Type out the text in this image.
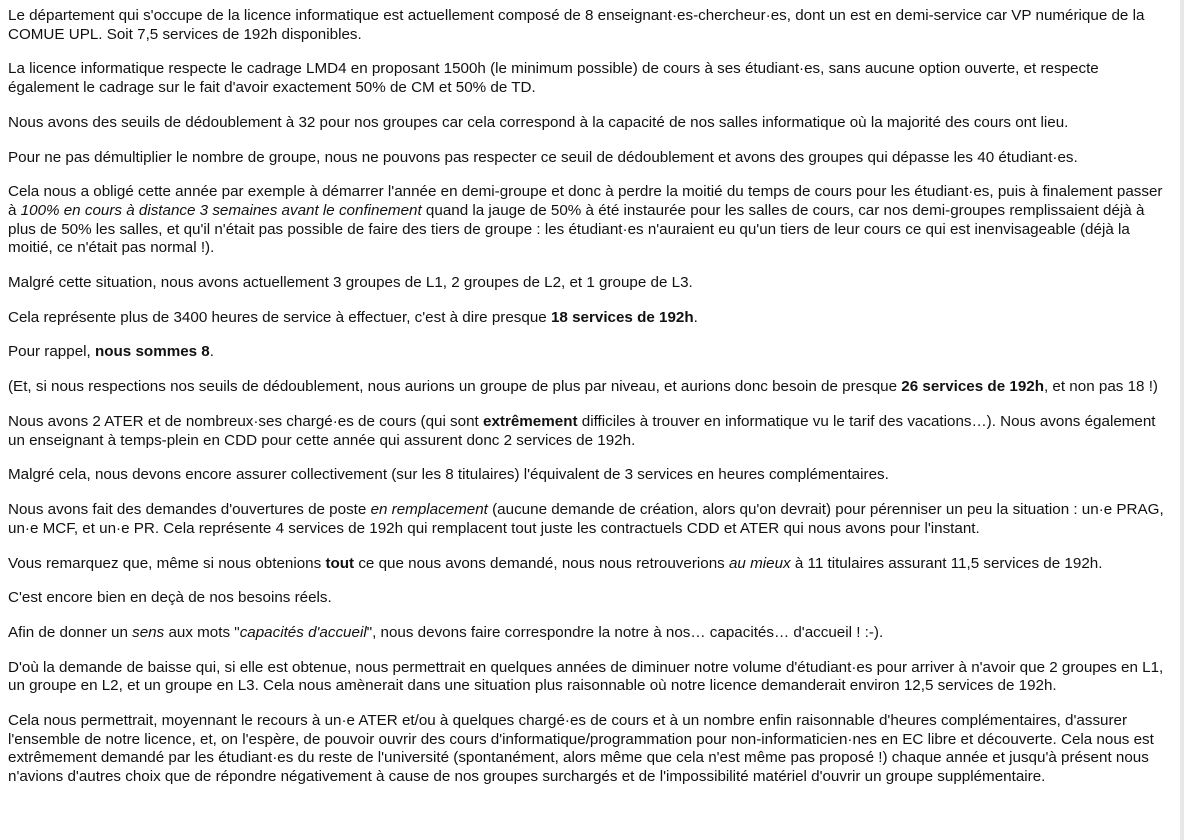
Le département qui s'occupe de la licence informatique est actuellement composé de 8 enseignant·es-chercheur·es, dont un est en demi-service car VP numérique de la COMUE UPL. Soit 7,5 services de 192h disponibles.

La licence informatique respecte le cadrage LMD4 en proposant 1500h (le minimum possible) de cours à ses étudiant·es, sans aucune option ouverte, et respecte également le cadrage sur le fait d'avoir exactement 50% de CM et 50% de TD.

Nous avons des seuils de dédoublement à 32 pour nos groupes car cela correspond à la capacité de nos salles informatique où la majorité des cours ont lieu.

Pour ne pas démultiplier le nombre de groupe, nous ne pouvons pas respecter ce seuil de dédoublement et avons des groupes qui dépasse les 40 étudiant·es.

Cela nous a obligé cette année par exemple à démarrer l'année en demi-groupe et donc à perdre la moitié du temps de cours pour les étudiant·es, puis à finalement passer à 100% en cours à distance 3 semaines avant le confinement quand la jauge de 50% à été instaurée pour les salles de cours, car nos demi-groupes remplissaient déjà à plus de 50% les salles, et qu'il n'était pas possible de faire des tiers de groupe : les étudiant·es n'auraient eu qu'un tiers de leur cours ce qui est inenvisageable (déjà la moitié, ce n'était pas normal !).

Malgré cette situation, nous avons actuellement 3 groupes de L1, 2 groupes de L2, et 1 groupe de L3.

Cela représente plus de 3400 heures de service à effectuer, c'est à dire presque 18 services de 192h.

Pour rappel, nous sommes 8.

(Et, si nous respections nos seuils de dédoublement, nous aurions un groupe de plus par niveau, et aurions donc besoin de presque 26 services de 192h, et non pas 18 !)

Nous avons 2 ATER et de nombreux·ses chargé·es de cours (qui sont extrêmement difficiles à trouver en informatique vu le tarif des vacations…). Nous avons également un enseignant à temps-plein en CDD pour cette année qui assurent donc 2 services de 192h.

Malgré cela, nous devons encore assurer collectivement (sur les 8 titulaires) l'équivalent de 3 services en heures complémentaires.

Nous avons fait des demandes d'ouvertures de poste en remplacement (aucune demande de création, alors qu'on devrait) pour pérenniser un peu la situation : un·e PRAG, un·e MCF, et un·e PR. Cela représente 4 services de 192h qui remplacent tout juste les contractuels CDD et ATER qui nous avons pour l'instant.

Vous remarquez que, même si nous obtenions tout ce que nous avons demandé, nous nous retrouverions au mieux à 11 titulaires assurant 11,5 services de 192h.

C'est encore bien en deçà de nos besoins réels.

Afin de donner un sens aux mots "capacités d'accueil", nous devons faire correspondre la notre à nos… capacités… d'accueil ! :-).

D'où la demande de baisse qui, si elle est obtenue, nous permettrait en quelques années de diminuer notre volume d'étudiant·es pour arriver à n'avoir que 2 groupes en L1, un groupe en L2, et un groupe en L3. Cela nous amènerait dans une situation plus raisonnable où notre licence demanderait environ 12,5 services de 192h.

Cela nous permettrait, moyennant le recours à un·e ATER et/ou à quelques chargé·es de cours et à un nombre enfin raisonnable d'heures complémentaires, d'assurer l'ensemble de notre licence, et, on l'espère, de pouvoir ouvrir des cours d'informatique/programmation pour non-informaticien·nes en EC libre et découverte. Cela nous est extrêmement demandé par les étudiant·es du reste de l'université (spontanément, alors même que cela n'est même pas proposé !) chaque année et jusqu'à présent nous n'avions d'autres choix que de répondre négativement à cause de nos groupes surchargés et de l'impossibilité matériel d'ouvrir un groupe supplémentaire.
